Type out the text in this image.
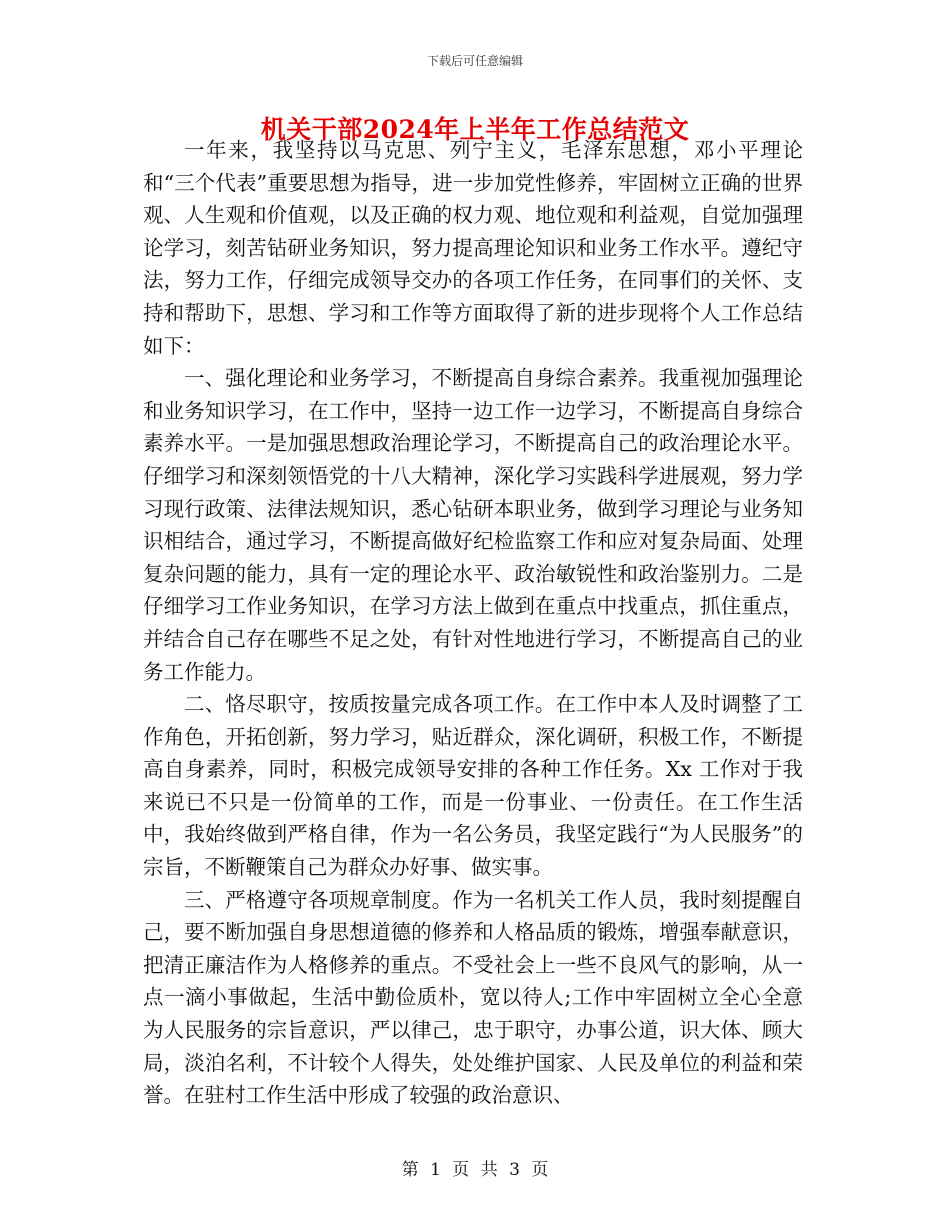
下载后可任意编辑
机关干部2024年上半年工作总结范文

一年来，我坚持以马克思、列宁主义，毛泽东思想，邓小平理论和“三个代表”重要思想为指导，进一步加党性修养，牢固树立正确的世界观、人生观和价值观，以及正确的权力观、地位观和利益观，自觉加强理论学习，刻苦钻研业务知识，努力提高理论知识和业务工作水平。遵纪守法，努力工作，仔细完成领导交办的各项工作任务，在同事们的关怀、支持和帮助下，思想、学习和工作等方面取得了新的进步现将个人工作总结如下：

一、强化理论和业务学习，不断提高自身综合素养。我重视加强理论和业务知识学习，在工作中，坚持一边工作一边学习，不断提高自身综合素养水平。一是加强思想政治理论学习，不断提高自己的政治理论水平。仔细学习和深刻领悟党的十八大精神，深化学习实践科学进展观，努力学习现行政策、法律法规知识，悉心钻研本职业务，做到学习理论与业务知识相结合，通过学习，不断提高做好纪检监察工作和应对复杂局面、处理复杂问题的能力，具有一定的理论水平、政治敏锐性和政治鉴别力。二是仔细学习工作业务知识，在学习方法上做到在重点中找重点，抓住重点，并结合自己存在哪些不足之处，有针对性地进行学习，不断提高自己的业务工作能力。

二、恪尽职守，按质按量完成各项工作。在工作中本人及时调整了工作角色，开拓创新，努力学习，贴近群众，深化调研，积极工作，不断提高自身素养，同时，积极完成领导安排的各种工作任务。Xx 工作对于我来说已不只是一份简单的工作，而是一份事业、一份责任。在工作生活中，我始终做到严格自律，作为一名公务员，我坚定践行“为人民服务”的宗旨，不断鞭策自己为群众办好事、做实事。

三、严格遵守各项规章制度。作为一名机关工作人员，我时刻提醒自己，要不断加强自身思想道德的修养和人格品质的锻炼，增强奉献意识，把清正廉洁作为人格修养的重点。不受社会上一些不良风气的影响，从一点一滴小事做起，生活中勤俭质朴，宽以待人;工作中牢固树立全心全意为人民服务的宗旨意识，严以律己，忠于职守，办事公道，识大体、顾大局，淡泊名利，不计较个人得失，处处维护国家、人民及单位的利益和荣誉。在驻村工作生活中形成了较强的政治意识、

第 1 页 共 3 页
